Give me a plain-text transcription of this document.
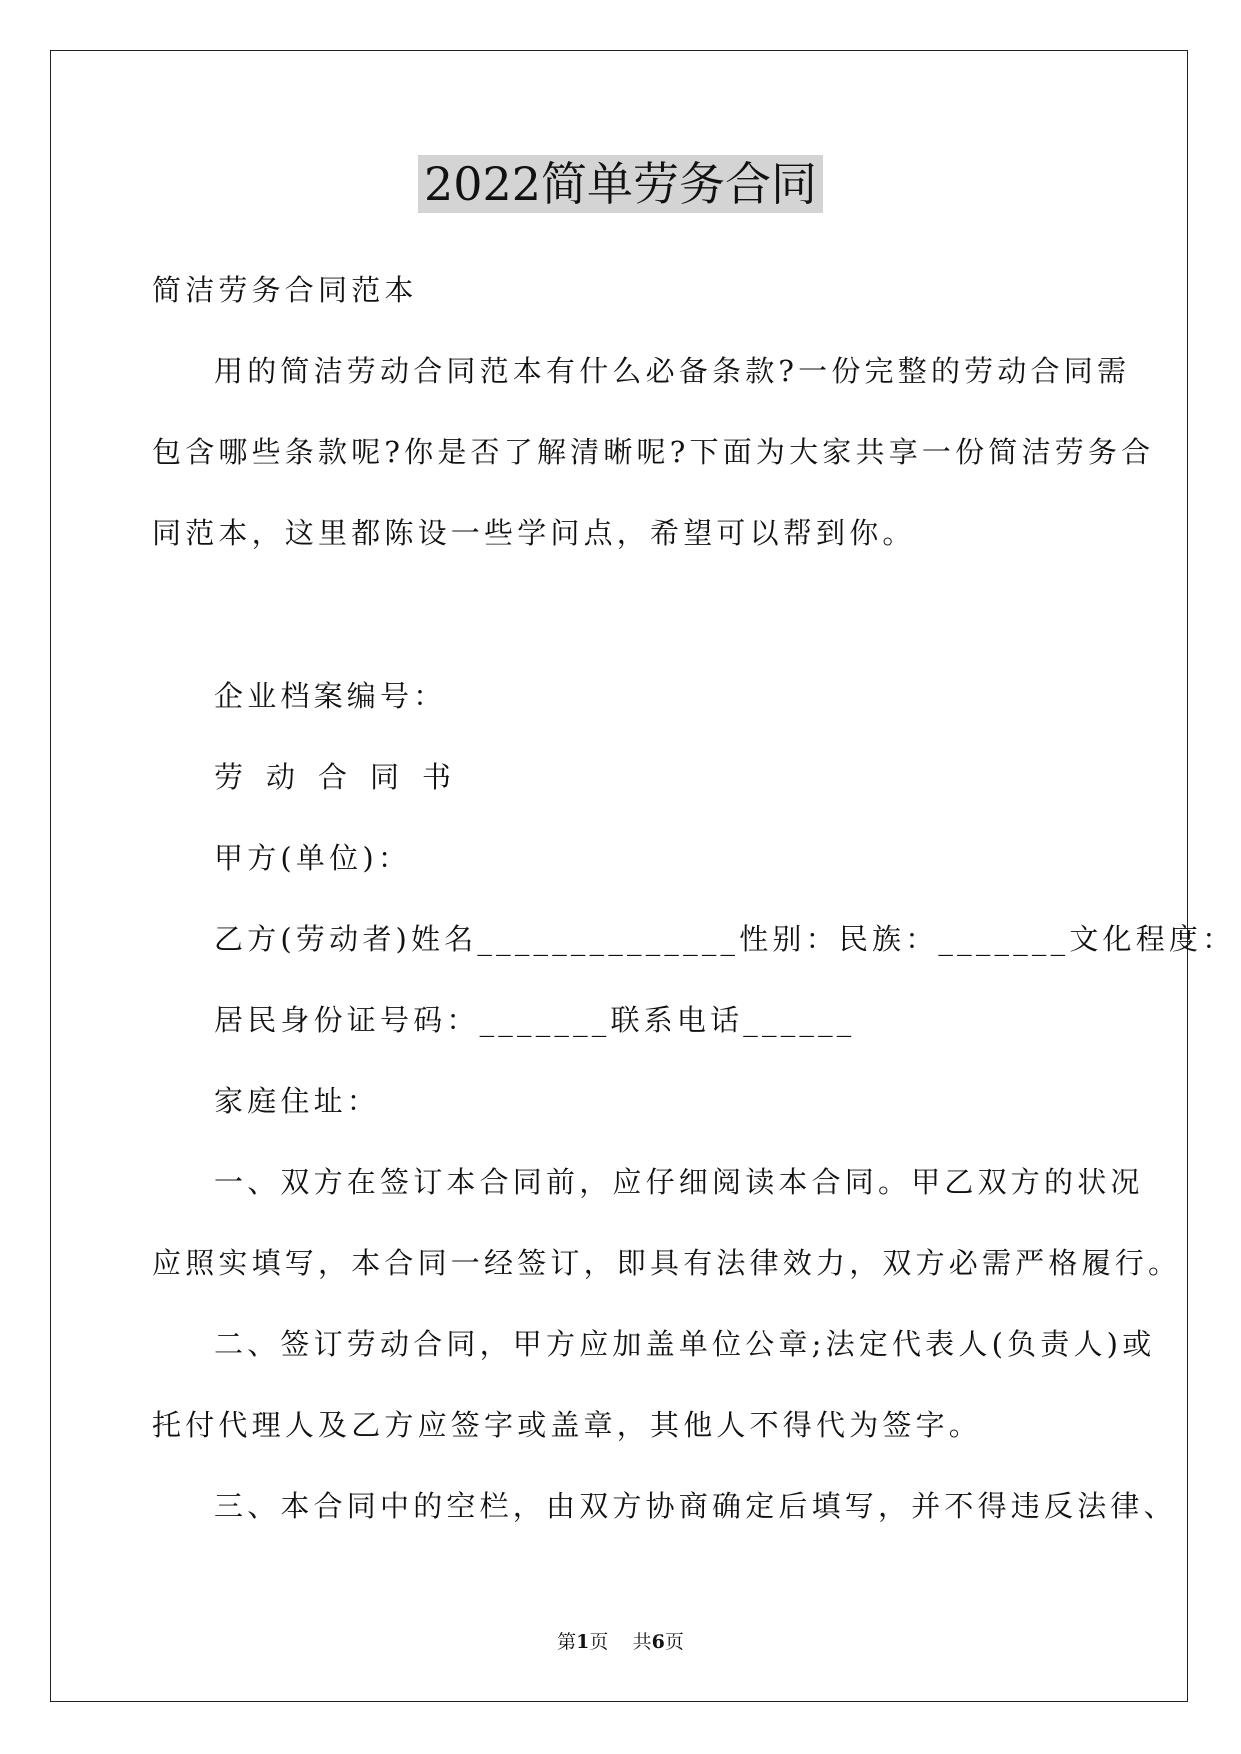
2022简单劳务合同
简洁劳务合同范本
用的简洁劳动合同范本有什么必备条款?一份完整的劳动合同需
包含哪些条款呢?你是否了解清晰呢?下面为大家共享一份简洁劳务合
同范本，这里都陈设一些学问点，希望可以帮到你。
企业档案编号：
劳动合同书
甲方(单位)：
乙方(劳动者)姓名______________性别：民族：_______文化程度：
居民身份证号码：_______联系电话______
家庭住址：
一、双方在签订本合同前，应仔细阅读本合同。甲乙双方的状况
应照实填写，本合同一经签订，即具有法律效力，双方必需严格履行。
二、签订劳动合同，甲方应加盖单位公章;法定代表人(负责人)或
托付代理人及乙方应签字或盖章，其他人不得代为签字。
三、本合同中的空栏，由双方协商确定后填写，并不得违反法律、
第1页 共6页
